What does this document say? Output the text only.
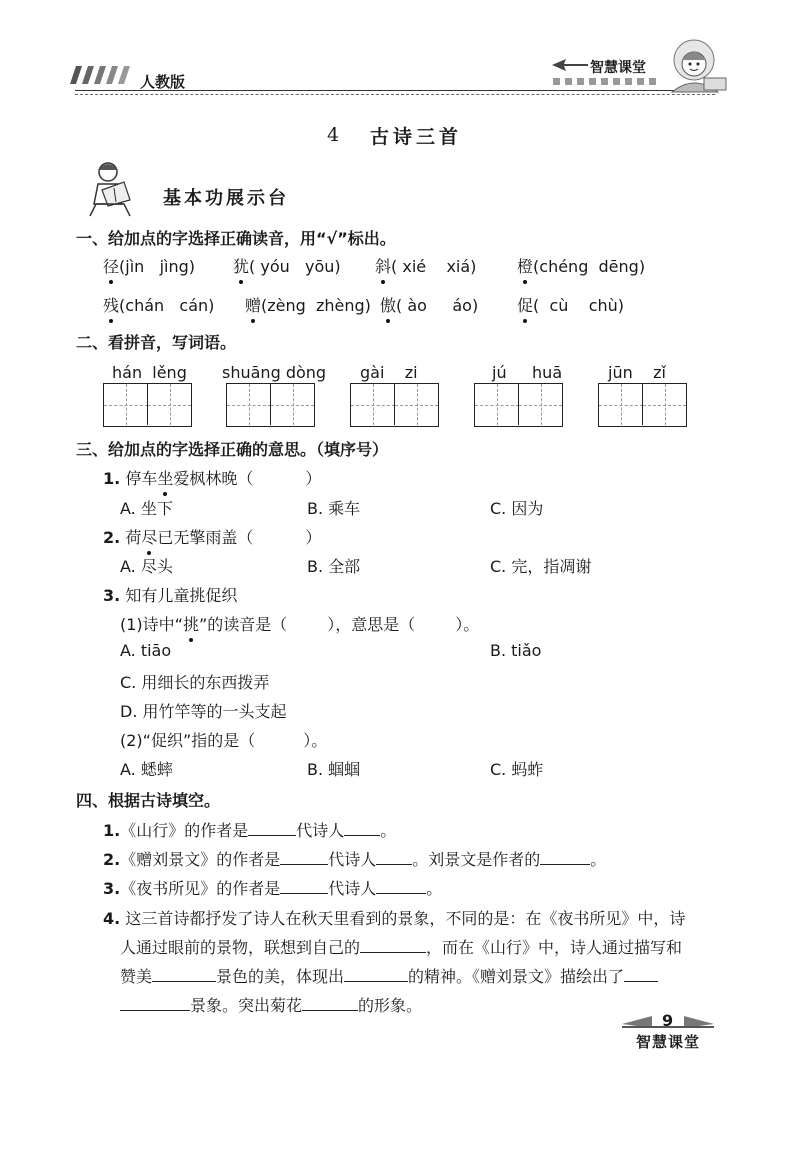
人教版
智慧课堂
4 古诗三首
基本功展示台
一、给加点的字选择正确读音，用“√”标出。
径(jìn jìng) 犹( yóu yōu) 斜( xié xiá)	橙(chéng dēng)
残(chán cán) 赠(zèng zhèng) 傲( ào áo) 促(  cù chù)
二、看拼音，写词语。
hán lěng shuāng dòng gài zi	jú huā	jūn zǐ
三、给加点的字选择正确的意思。（填序号）
1. 停车坐爱枫林晚（	）
A. 坐下	B. 乘车	C. 因为
2. 荷尽已无擎雨盖（	）
A. 尽头	B. 全部	C. 完，指凋谢
3. 知有儿童挑促织
(1)诗中“挑”的读音是（	），意思是（	）。
A. tiāo	B. tiǎo
C. 用细长的东西拨弄
D. 用竹竿等的一头支起
(2)“促织”指的是（	）。
A. 蟋蟀	B. 蝈蝈	C. 蚂蚱
四、根据古诗填空。
1.《山行》的作者是	代诗人 。
2.《赠刘景文》的作者是	代诗人 。刘景文是作者的	。
3.《夜书所见》的作者是	代诗人	。
4. 这三首诗都抒发了诗人在秋天里看到的景象，不同的是：在《夜书所见》中，诗
人通过眼前的景物，联想到自己的	，而在《山行》中，诗人通过描写和
赞美	景色的美，体现出	的精神。《赠刘景文》描绘出了
景象。突出菊花	的形象。
9
智慧课堂
